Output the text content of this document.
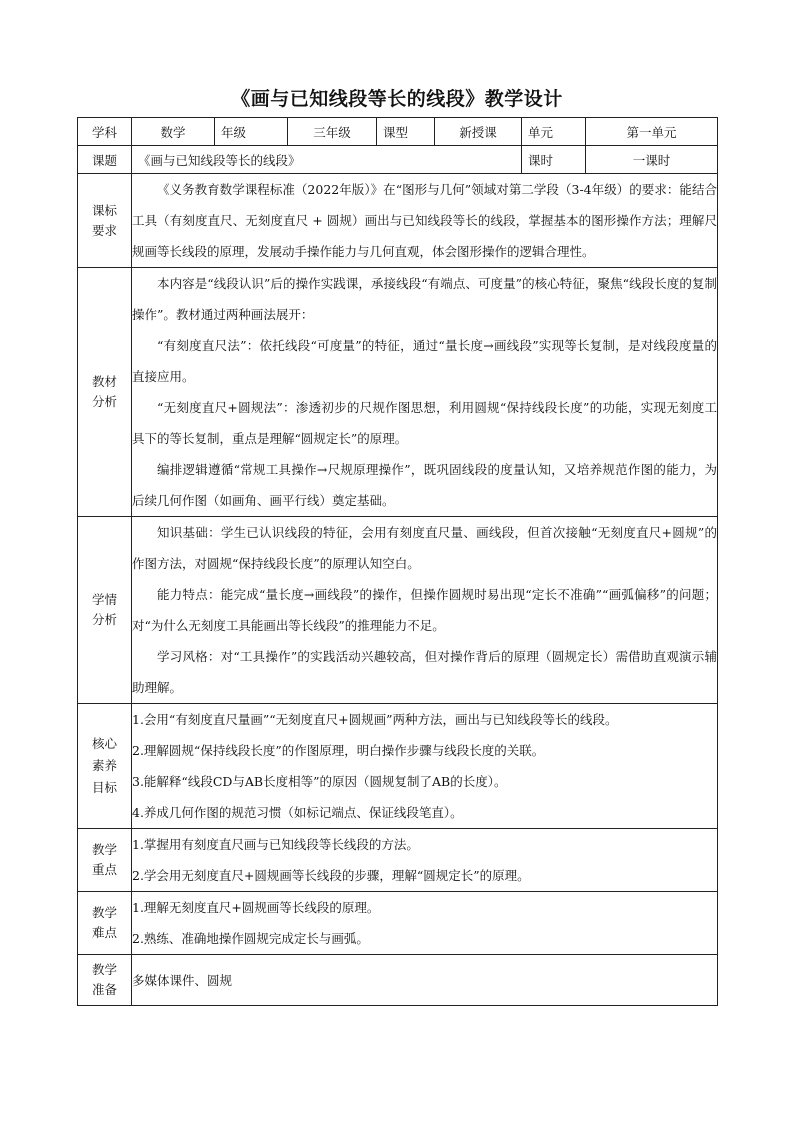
《画与已知线段等长的线段》教学设计
学科	数学	年级	三年级	课型	新授课	单元	第一单元
课题	《画与已知线段等长的线段》					课时	一课时
课标要求	《义务教育数学课程标准（2022年版）》在“图形与几何”领域对第二学段（3-4年级）的要求：能结合工具（有刻度直尺、无刻度直尺 + 圆规）画出与已知线段等长的线段，掌握基本的图形操作方法；理解尺规画等长线段的原理，发展动手操作能力与几何直观，体会图形操作的逻辑合理性。						

教材分析	本内容是“线段认识”后的操作实践课，承接线段“有端点、可度量”的核心特征，聚焦“线段长度的复制操作”。教材通过两种画法展开：

“有刻度直尺法”：依托线段“可度量”的特征，通过“量长度→画线段”实现等长复制，是对线段度量的直接应用。

“无刻度直尺+圆规法”：渗透初步的尺规作图思想，利用圆规“保持线段长度”的功能，实现无刻度工具下的等长复制，重点是理解“圆规定长”的原理。

编排逻辑遵循“常规工具操作→尺规原理操作”，既巩固线段的度量认知，又培养规范作图的能力，为后续几何作图（如画角、画平行线）奠定基础。						

学情分析	知识基础：学生已认识线段的特征，会用有刻度直尺量、画线段，但首次接触“无刻度直尺+圆规”的作图方法，对圆规“保持线段长度”的原理认知空白。

能力特点：能完成“量长度→画线段”的操作，但操作圆规时易出现“定长不准确”“画弧偏移”的问题；对“为什么无刻度工具能画出等长线段”的推理能力不足。

学习风格：对“工具操作”的实践活动兴趣较高，但对操作背后的原理（圆规定长）需借助直观演示辅助理解。						

核心素养目标	1.会用“有刻度直尺量画”“无刻度直尺+圆规画”两种方法，画出与已知线段等长的线段。

2.理解圆规“保持线段长度”的作图原理，明白操作步骤与线段长度的关联。

3.能解释“线段CD与AB长度相等”的原因（圆规复制了AB的长度）。

4.养成几何作图的规范习惯（如标记端点、保证线段笔直）。						

教学重点	1.掌握用有刻度直尺画与已知线段等长线段的方法。

2.学会用无刻度直尺+圆规画等长线段的步骤，理解“圆规定长”的原理。						

教学难点	1.理解无刻度直尺+圆规画等长线段的原理。

2.熟练、准确地操作圆规完成定长与画弧。						

教学准备	多媒体课件、圆规						
